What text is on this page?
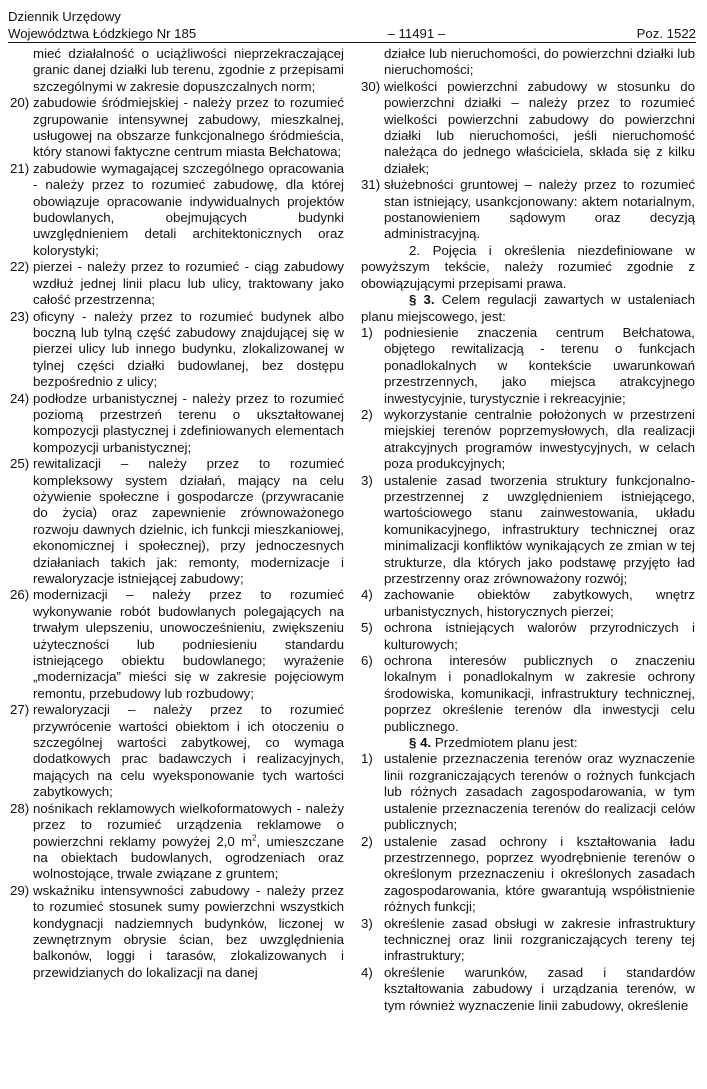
Dziennik Urzędowy
Województwa Łódzkiego Nr 185	– 11491 –	Poz. 1522
mieć działalność o uciążliwości nieprzekraczającej granic danej działki lub terenu, zgodnie z przepisami szczególnymi w zakresie dopuszczalnych norm;
20) zabudowie śródmiejskiej - należy przez to rozumieć zgrupowanie intensywnej zabudowy, mieszkalnej, usługowej na obszarze funkcjonalnego śródmieścia, który stanowi faktyczne centrum miasta Bełchatowa;
21) zabudowie wymagającej szczególnego opracowania - należy przez to rozumieć zabudowę, dla której obowiązuje opracowanie indywidualnych projektów budowlanych, obejmujących budynki uwzględnieniem detali architektonicznych oraz kolorystyki;
22) pierzei - należy przez to rozumieć - ciąg zabudowy wzdłuż jednej linii placu lub ulicy, traktowany jako całość przestrzenna;
23) oficyny - należy przez to rozumieć budynek albo boczną lub tylną część zabudowy znajdującej się w pierzei ulicy lub innego budynku, zlokalizowanej w tylnej części działki budowlanej, bez dostępu bezpośrednio z ulicy;
24) podłodze urbanistycznej - należy przez to rozumieć poziomą przestrzeń terenu o ukształtowanej kompozycji plastycznej i zdefiniowanych elementach kompozycji urbanistycznej;
25) rewitalizacji – należy przez to rozumieć kompleksowy system działań, mający na celu ożywienie społeczne i gospodarcze (przywracanie do życia) oraz zapewnienie zrównoważonego rozwoju dawnych dzielnic, ich funkcji mieszkaniowej, ekonomicznej i społecznej), przy jednoczesnych działaniach takich jak: remonty, modernizacje i rewaloryzacje istniejącej zabudowy;
26) modernizacji – należy przez to rozumieć wykonywanie robót budowlanych polegających na trwałym ulepszeniu, unowocześnieniu, zwiększeniu użyteczności lub podniesieniu standardu istniejącego obiektu budowlanego; wyrażenie „modernizacja” mieści się w zakresie pojęciowym remontu, przebudowy lub rozbudowy;
27) rewaloryzacji – należy przez to rozumieć przywrócenie wartości obiektom i ich otoczeniu o szczególnej wartości zabytkowej, co wymaga dodatkowych prac badawczych i realizacyjnych, mających na celu wyeksponowanie tych wartości zabytkowych;
28) nośnikach reklamowych wielkoformatowych - należy przez to rozumieć urządzenia reklamowe o powierzchni reklamy powyżej 2,0 $m^2$, umieszczane na obiektach budowlanych, ogrodzeniach oraz wolnostojące, trwale związane z gruntem;
29) wskaźniku intensywności zabudowy - należy przez to rozumieć stosunek sumy powierzchni wszystkich kondygnacji nadziemnych budynków, liczonej w zewnętrznym obrysie ścian, bez uwzględnienia balkonów, loggi i tarasów, zlokalizowanych i przewidzianych do lokalizacji na danej
działce lub nieruchomości, do powierzchni działki lub nieruchomości;
30) wielkości powierzchni zabudowy w stosunku do powierzchni działki – należy przez to rozumieć wielkości powierzchni zabudowy do powierzchni działki lub nieruchomości, jeśli nieruchomość należąca do jednego właściciela, składa się z kilku działek;
31) służebności gruntowej – należy przez to rozumieć stan istniejący, usankcjonowany: aktem notarialnym, postanowieniem sądowym oraz decyzją administracyjną.
2. Pojęcia i określenia niezdefiniowane w powyższym tekście, należy rozumieć zgodnie z obowiązującymi przepisami prawa.
§ 3. Celem regulacji zawartych w ustaleniach planu miejscowego, jest:
1) podniesienie znaczenia centrum Bełchatowa, objętego rewitalizacją - terenu o funkcjach ponadlokalnych w kontekście uwarunkowań przestrzennych, jako miejsca atrakcyjnego inwestycyjnie, turystycznie i rekreacyjnie;
2) wykorzystanie centralnie położonych w przestrzeni miejskiej terenów poprzemysłowych, dla realizacji atrakcyjnych programów inwestycyjnych, w celach poza produkcyjnych;
3) ustalenie zasad tworzenia struktury funkcjonalno-przestrzennej z uwzględnieniem istniejącego, wartościowego stanu zainwestowania, układu komunikacyjnego, infrastruktury technicznej oraz minimalizacji konfliktów wynikających ze zmian w tej strukturze, dla których jako podstawę przyjęto ład przestrzenny oraz zrównoważony rozwój;
4) zachowanie obiektów zabytkowych, wnętrz urbanistycznych, historycznych pierzei;
5) ochrona istniejących walorów przyrodniczych i kulturowych;
6) ochrona interesów publicznych o znaczeniu lokalnym i ponadlokalnym w zakresie ochrony środowiska, komunikacji, infrastruktury technicznej, poprzez określenie terenów dla inwestycji celu publicznego.
§ 4. Przedmiotem planu jest:
1) ustalenie przeznaczenia terenów oraz wyznaczenie linii rozgraniczających terenów o rożnych funkcjach lub różnych zasadach zagospodarowania, w tym ustalenie przeznaczenia terenów do realizacji celów publicznych;
2) ustalenie zasad ochrony i kształtowania ładu przestrzennego, poprzez wyodrębnienie terenów o określonym przeznaczeniu i określonych zasadach zagospodarowania, które gwarantują współistnienie różnych funkcji;
3) określenie zasad obsługi w zakresie infrastruktury technicznej oraz linii rozgraniczających tereny tej infrastruktury;
4) określenie warunków, zasad i standardów kształtowania zabudowy i urządzania terenów, w tym również wyznaczenie linii zabudowy, określenie
